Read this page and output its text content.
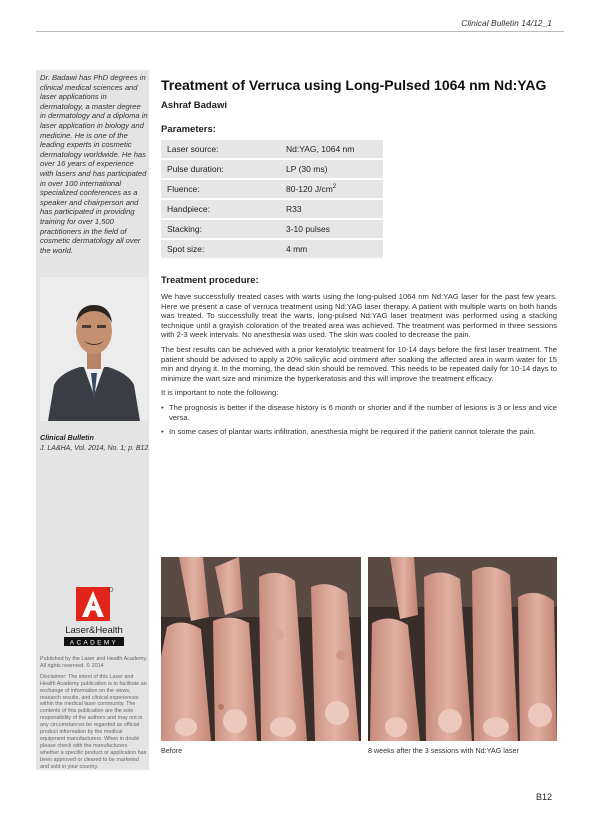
Clinical Bulletin 14/12_1
Dr. Badawi has PhD degrees in clinical medical sciences and laser applications in dermatology, a master degree in dermatology and a diploma in laser application in biology and medicine. He is one of the leading experts in cosmetic dermatology worldwide. He has over 16 years of experience with lasers and has participated in over 100 international specialized conferences as a speaker and chairperson and has participated in providing training for over 1,500 practitioners in the field of cosmetic dermatology all over the world.
Clinical Bulletin
J. LA&HA, Vol. 2014, No. 1; p. B12.
Laser&Health
ACADEMY

Published by the Laser and Health Academy. All rights reserved. © 2014

Disclaimer: The intent of this Laser and Health Academy publication is to facilitate an exchange of information on the views, research results, and clinical experiences within the medical laser community. The contents of this publication are the sole responsibility of the authors and may not in any circumstances be regarded as official product information by the medical equipment manufacturers. When in doubt please check with the manufacturers whether a specific product or application has been approved or cleared to be marketed and sold in your country.

Treatment of Verruca using Long-Pulsed 1064 nm Nd:YAG
Ashraf Badawi
Parameters:
Laser source:	Nd:YAG, 1064 nm
Pulse duration:	LP (30 ms)
Fluence:	80-120 $J/cm^2$
Handpiece:	R33
Stacking:	3-10 pulses
Spot size:	4 mm
Treatment procedure:

We have successfully treated cases with warts using the long-pulsed 1064 nm Nd:YAG laser for the past few years. Here we present a case of verruca treatment using Nd:YAG laser therapy. A patient with multiple warts on both hands was treated. To successfully treat the warts, long-pulsed Nd:YAG laser treatment was performed using a stacking technique until a grayish coloration of the treated area was achieved. The treatment was performed in three sessions with 2-3 week intervals. No anesthesia was used. The skin was cooled to decrease the pain.

The best results can be achieved with a prior keratolytic treatment for 10-14 days before the first laser treatment. The patient should be advised to apply a 20% salicylic acid ointment after soaking the affected area in warm water for 15 min and drying it. In the morning, the dead skin should be removed. This needs to be repeated daily for 10-14 days to minimize the wart size and minimize the hyperkeratosis and this will improve the treatment efficacy.

It is important to note the following:

• The prognosis is better if the disease history is 6 month or shorter and if the number of lesions is 3 or less and vice versa.
• In some cases of plantar warts infiltration, anesthesia might be required if the patient cannot tolerate the pain.
Before	8 weeks after the 3 sessions with Nd:YAG laser
B12
